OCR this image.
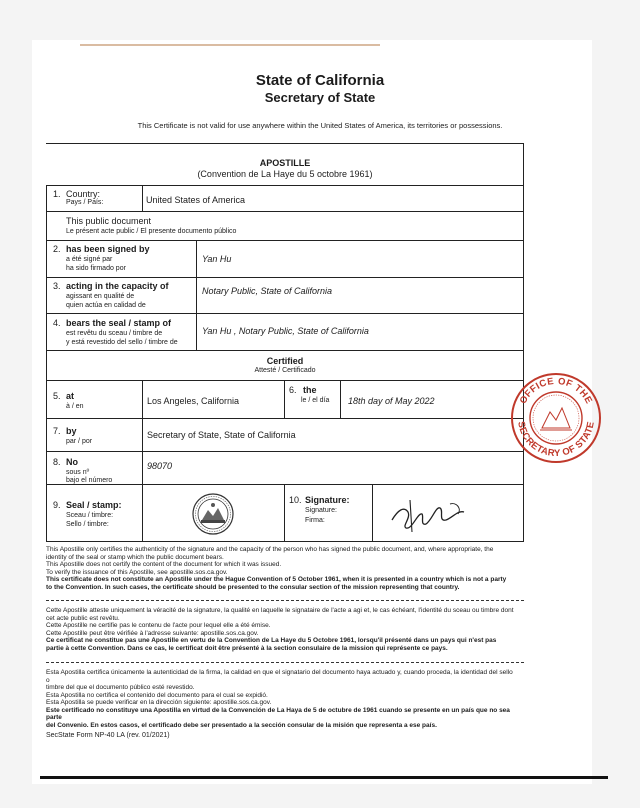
State of California
Secretary of State
This Certificate is not valid for use anywhere within the United States of America, its territories or possessions.
APOSTILLE
(Convention de La Haye du 5 octobre 1961)
1. Country:
Pays / País:	United States of America
This public document
Le présent acte public / El presente documento público
2. has been signed by
a été signé par
ha sido firmado por
Yan Hu
3. acting in the capacity of
agissant en qualité de
quien actúa en calidad de
Notary Public, State of California
4. bears the seal / stamp of
est revêtu du sceau / timbre de
y está revestido del sello / timbre de
Yan Hu , Notary Public, State of California
Certified
Attesté / Certificado
5. at
à / en
Los Angeles, California
6. the
le / el día 18th day of May 2022
7. by
par / por
Secretary of State, State of California
8. No
sous nº
bajo el número
98070
9. Seal / stamp:
Sceau / timbre:
Sello / timbre:
10. Signature:
Signature:
Firma:
OFFICE OF THE
SECRETARY OF STATE
This Apostille only certifies the authenticity of the signature and the capacity of the person who has signed the public document, and, where appropriate, the
identity of the seal or stamp which the public document bears.
This Apostille does not certify the content of the document for which it was issued.
To verify the issuance of this Apostille, see apostille.sos.ca.gov.
This certificate does not constitute an Apostille under the Hague Convention of 5 October 1961, when it is presented in a country which is not a party
to the Convention. In such cases, the certificate should be presented to the consular section of the mission representing that country.
Cette Apostille atteste uniquement la véracité de la signature, la qualité en laquelle le signataire de l'acte a agi et, le cas échéant, l'identité du sceau ou timbre dont
cet acte public est revêtu.
Cette Apostille ne certifie pas le contenu de l'acte pour lequel elle a été émise.
Cette Apostille peut être vérifiée à l'adresse suivante: apostille.sos.ca.gov.
Ce certificat ne constitue pas une Apostille en vertu de la Convention de La Haye du 5 Octobre 1961, lorsqu'il présenté dans un pays qui n'est pas
partie à cette Convention. Dans ce cas, le certificat doit être présenté à la section consulaire de la mission qui représente ce pays.
Esta Apostilla certifica únicamente la autenticidad de la firma, la calidad en que el signatario del documento haya actuado y, cuando proceda, la identidad del sello o
timbre del que el documento público esté revestido.
Esta Apostilla no certifica el contenido del documento para el cual se expidió.
Esta Apostilla se puede verificar en la dirección siguiente: apostille.sos.ca.gov.
Este certificado no constituye una Apostilla en virtud de la Convención de La Haya de 5 de octubre de 1961 cuando se presente en un país que no sea parte
del Convenio. En estos casos, el certificado debe ser presentado a la sección consular de la misión que representa a ese país.
SecState Form NP-40 LA (rev. 01/2021)
